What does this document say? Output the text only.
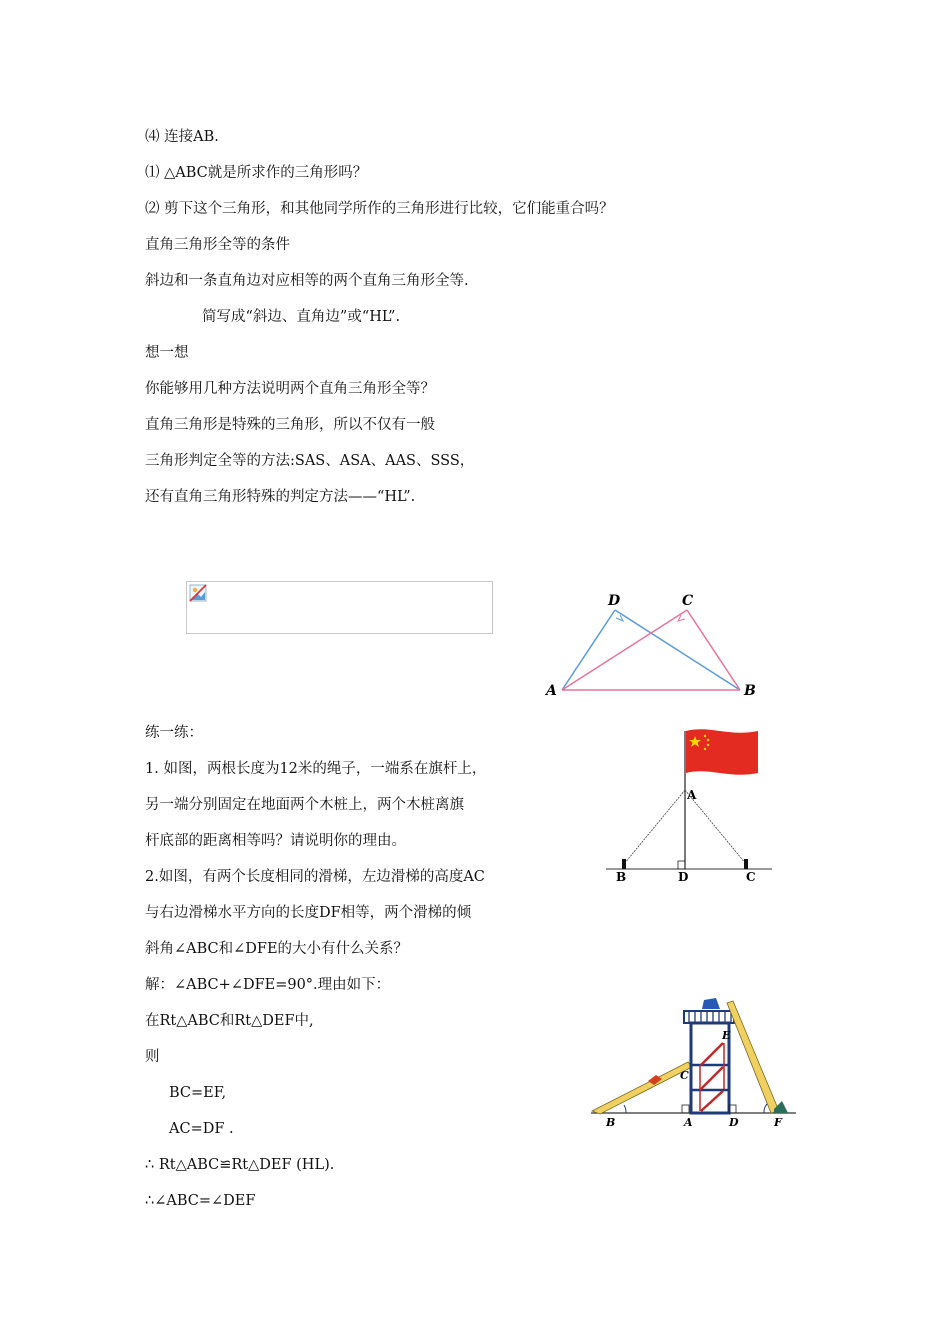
⑷ 连接AB.
⑴ △ABC就是所求作的三角形吗？
⑵ 剪下这个三角形，和其他同学所作的三角形进行比较，它们能重合吗？
直角三角形全等的条件
斜边和一条直角边对应相等的两个直角三角形全等.
简写成“斜边、直角边”或“HL”.
想一想
你能够用几种方法说明两个直角三角形全等？
直角三角形是特殊的三角形，所以不仅有一般
三角形判定全等的方法:SAS、ASA、AAS、SSS，
还有直角三角形特殊的判定方法——“HL”.
D	C
A	B
练一练：
1. 如图，两根长度为12米的绳子，一端系在旗杆上，
另一端分别固定在地面两个木桩上，两个木桩离旗
杆底部的距离相等吗？请说明你的理由。
2.如图，有两个长度相同的滑梯，左边滑梯的高度AC
与右边滑梯水平方向的长度DF相等，两个滑梯的倾
斜角∠ABC和∠DFE的大小有什么关系？
解：∠ABC+∠DFE=90°.理由如下：
在Rt△ABC和Rt△DEF中,
则
BC=EF,
AC=DF .
∴ Rt△ABC≌Rt△DEF (HL).
∴∠ABC=∠DEF
A
B	D	C
E
C
B	A	D	F
